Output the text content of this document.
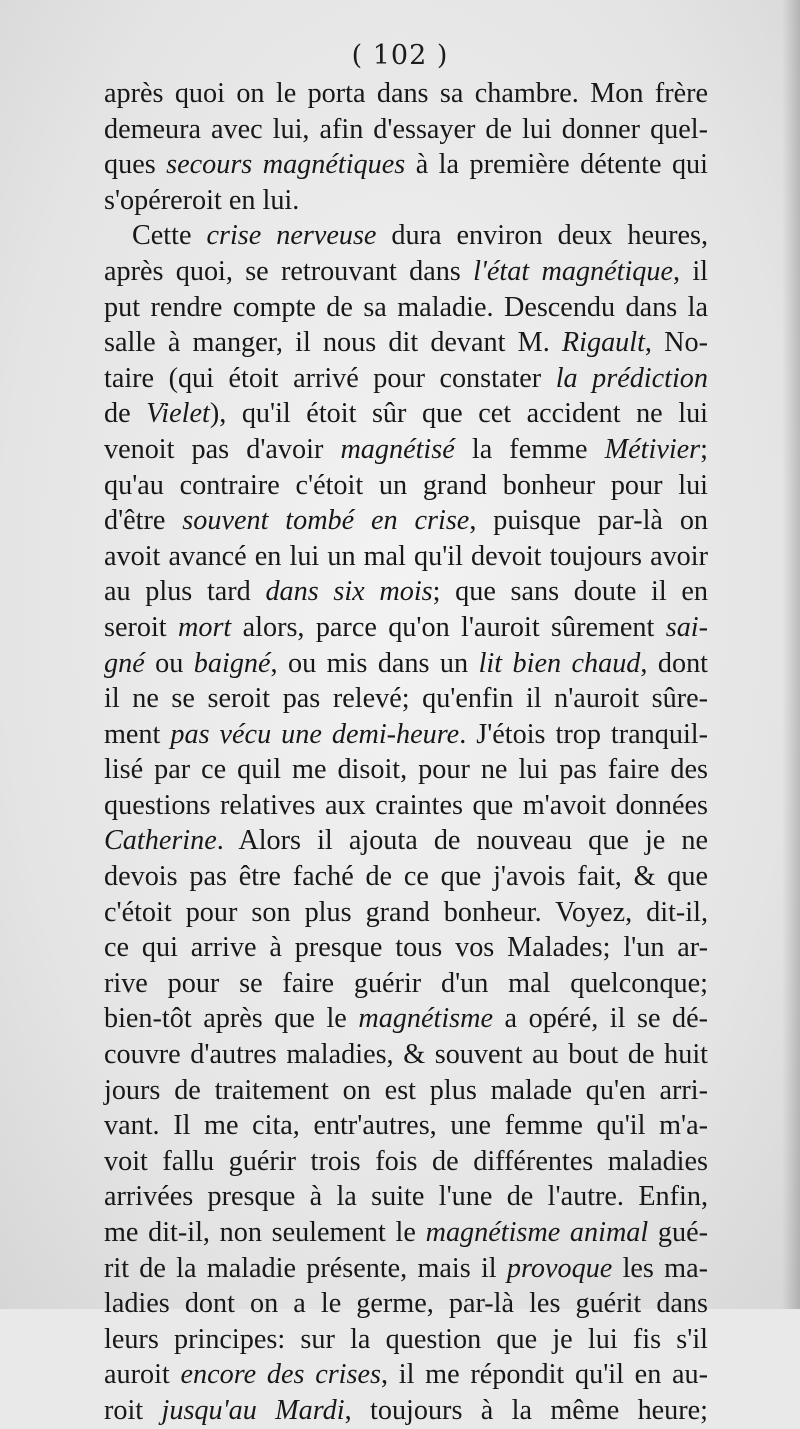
( 102 )
après quoi on le porta dans sa chambre. Mon frère
demeura avec lui, afin d'essayer de lui donner quel-
ques secours magnétiques à la première détente qui
s'opéreroit en lui.
Cette crise nerveuse dura environ deux heures,
après quoi, se retrouvant dans l'état magnétique, il
put rendre compte de sa maladie. Descendu dans la
salle à manger, il nous dit devant M. Rigault, No-
taire (qui étoit arrivé pour constater la prédiction
de Vielet), qu'il étoit sûr que cet accident ne lui
venoit pas d'avoir magnétisé la femme Métivier;
qu'au contraire c'étoit un grand bonheur pour lui
d'être souvent tombé en crise, puisque par-là on
avoit avancé en lui un mal qu'il devoit toujours avoir
au plus tard dans six mois; que sans doute il en
seroit mort alors, parce qu'on l'auroit sûrement sai-
gné ou baigné, ou mis dans un lit bien chaud, dont
il ne se seroit pas relevé; qu'enfin il n'auroit sûre-
ment pas vécu une demi-heure. J'étois trop tranquil-
lisé par ce quil me disoit, pour ne lui pas faire des
questions relatives aux craintes que m'avoit données
Catherine. Alors il ajouta de nouveau que je ne
devois pas être faché de ce que j'avois fait, & que
c'étoit pour son plus grand bonheur. Voyez, dit-il,
ce qui arrive à presque tous vos Malades; l'un ar-
rive pour se faire guérir d'un mal quelconque;
bien-tôt après que le magnétisme a opéré, il se dé-
couvre d'autres maladies, & souvent au bout de huit
jours de traitement on est plus malade qu'en arri-
vant. Il me cita, entr'autres, une femme qu'il m'a-
voit fallu guérir trois fois de différentes maladies
arrivées presque à la suite l'une de l'autre. Enfin,
me dit-il, non seulement le magnétisme animal gué-
rit de la maladie présente, mais il provoque les ma-
ladies dont on a le germe, par-là les guérit dans
leurs principes: sur la question que je lui fis s'il
auroit encore des crises, il me répondit qu'il en au-
roit jusqu'au Mardi, toujours à la même heure;
